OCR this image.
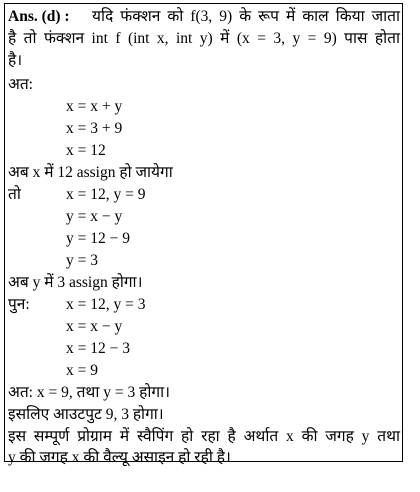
Ans. (d) : यदि फंक्शन को f(3, 9) के रूप में काल किया जाता
है तो फंक्शन int f (int x, int y) में (x = 3, y = 9) पास होता
है।
अत:
x = x + y
x = 3 + 9
x = 12
अब x में 12 assign हो जायेगा
तो	x = 12, y = 9
y = x − y
y = 12 − 9
y = 3
अब y में 3 assign होगा।
पुन: x = 12, y = 3
x = x − y
x = 12 − 3
x = 9
अत: x = 9, तथा y = 3 होगा।
इसलिए आउटपुट 9, 3 होगा।
इस सम्पूर्ण प्रोग्राम में स्वैपिंग हो रहा है अर्थात x की जगह y तथा
y की जगह x की वैल्यू असाइन हो रही है।
